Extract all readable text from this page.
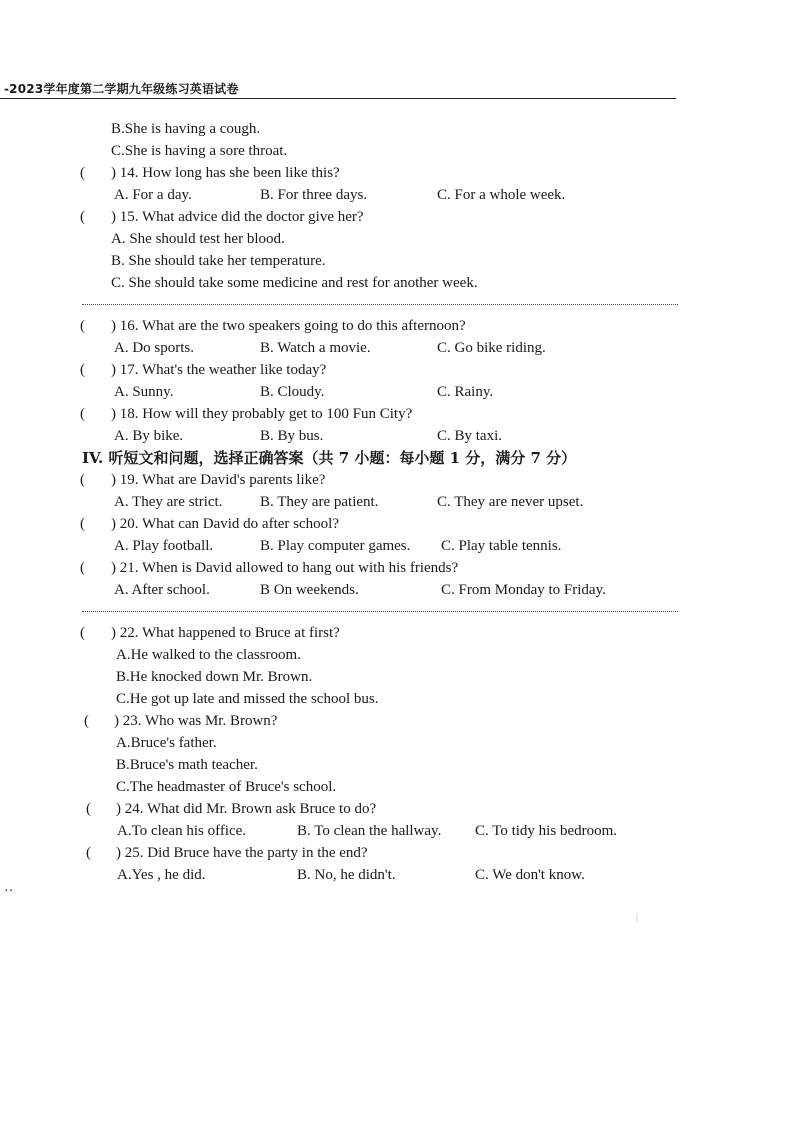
-2023学年度第二学期九年级练习英语试卷
B.She is having a cough.
C.She is having a sore throat.
( ) 14. How long has she been like this?
A. For a day.	B. For three days.	C. For a whole week.
( ) 15. What advice did the doctor give her?
A. She should test her blood.
B. She should take her temperature.
C. She should take some medicine and rest for another week.
( ) 16. What are the two speakers going to do this afternoon?
A. Do sports.	B. Watch a movie.	C. Go bike riding.
( ) 17. What's the weather like today?
A. Sunny.	B. Cloudy.	C. Rainy.
( ) 18. How will they probably get to 100 Fun City?
A. By bike.	B. By bus.	C. By taxi.
IV. 听短文和问题，选择正确答案（共 7 小题：每小题 1 分，满分 7 分）
( ) 19. What are David's parents like?
A. They are strict.	B. They are patient.	C. They are never upset.
( ) 20. What can David do after school?
A. Play football.	B. Play computer games. C. Play table tennis.
( ) 21. When is David allowed to hang out with his friends?
A. After school.	B On weekends.	C. From Monday to Friday.
( ) 22. What happened to Bruce at first?
A.He walked to the classroom.
B.He knocked down Mr. Brown.
C.He got up late and missed the school bus.
( ) 23. Who was Mr. Brown?
A.Bruce's father.
B.Bruce's math teacher.
C.The headmaster of Bruce's school.
( ) 24. What did Mr. Brown ask Bruce to do?
A.To clean his office.	B. To clean the hallway. C. To tidy his bedroom.
( ) 25. Did Bruce have the party in the end?
A.Yes , he did.	B. No, he didn't.	C. We don't know.
··
|
